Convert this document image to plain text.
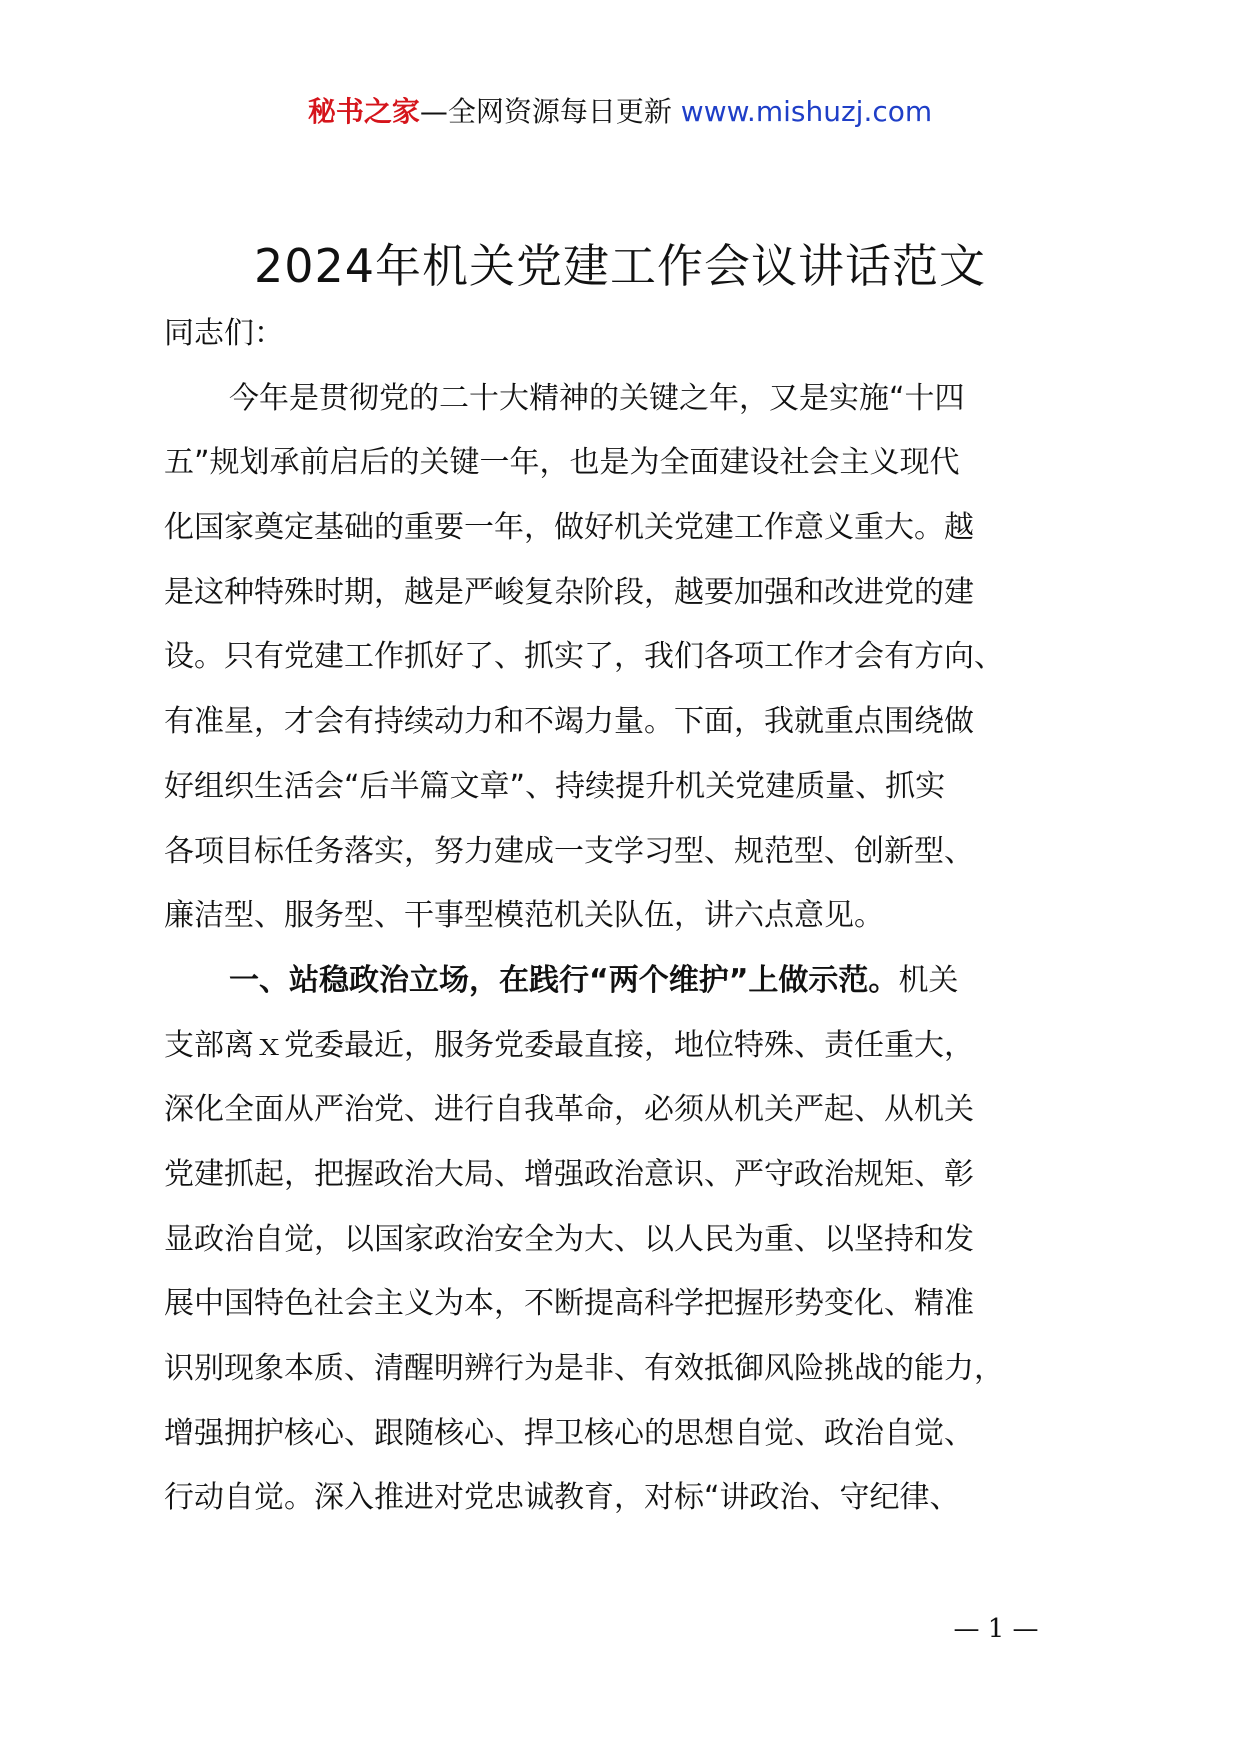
秘书之家—全网资源每日更新 www.mishuzj.com
2024年机关党建工作会议讲话范文
同志们：
今年是贯彻党的二十大精神的关键之年，又是实施“十四
五”规划承前启后的关键一年，也是为全面建设社会主义现代
化国家奠定基础的重要一年，做好机关党建工作意义重大。越
是这种特殊时期，越是严峻复杂阶段，越要加强和改进党的建
设。只有党建工作抓好了、抓实了，我们各项工作才会有方向、
有准星，才会有持续动力和不竭力量。下面，我就重点围绕做
好组织生活会“后半篇文章”、持续提升机关党建质量、抓实
各项目标任务落实，努力建成一支学习型、规范型、创新型、
廉洁型、服务型、干事型模范机关队伍，讲六点意见。
一、站稳政治立场，在践行“两个维护”上做示范。机关
支部离ｘ党委最近，服务党委最直接，地位特殊、责任重大，
深化全面从严治党、进行自我革命，必须从机关严起、从机关
党建抓起，把握政治大局、增强政治意识、严守政治规矩、彰
显政治自觉，以国家政治安全为大、以人民为重、以坚持和发
展中国特色社会主义为本，不断提高科学把握形势变化、精准
识别现象本质、清醒明辨行为是非、有效抵御风险挑战的能力，
增强拥护核心、跟随核心、捍卫核心的思想自觉、政治自觉、
行动自觉。深入推进对党忠诚教育，对标“讲政治、守纪律、
— 1 —
